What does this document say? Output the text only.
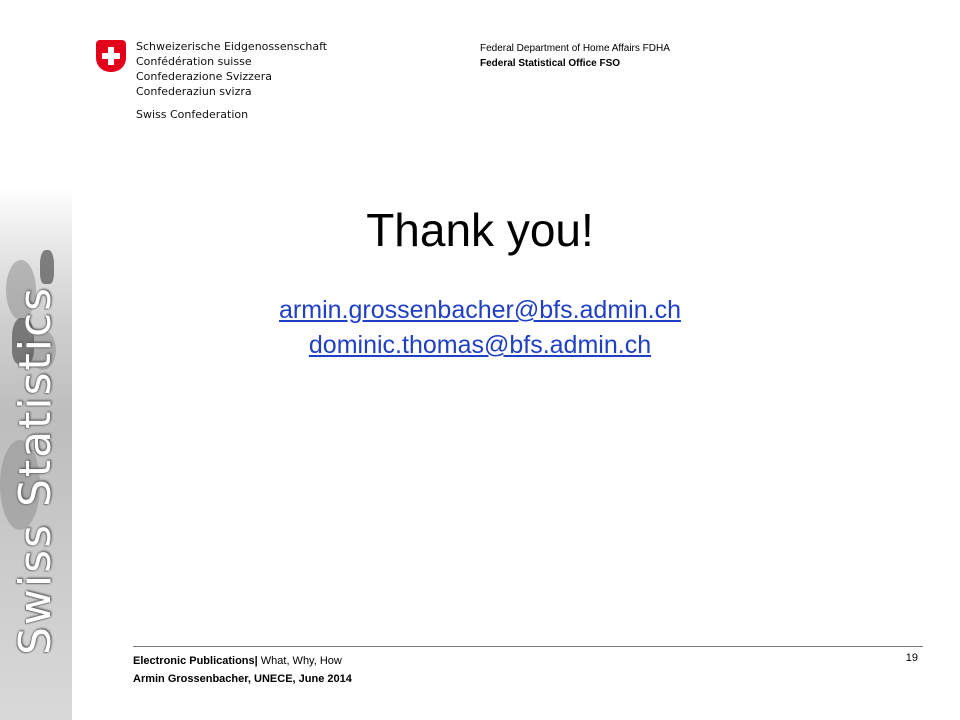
Swiss Statistics
Schweizerische Eidgenossenschaft
Confédération suisse
Confederazione Svizzera
Confederaziun svizra
Swiss Confederation
Federal Department of Home Affairs FDHA
Federal Statistical Office FSO
Thank you!
armin.grossenbacher@bfs.admin.ch
dominic.thomas@bfs.admin.ch
Electronic Publications| What, Why, How
Armin Grossenbacher, UNECE, June 2014
19
